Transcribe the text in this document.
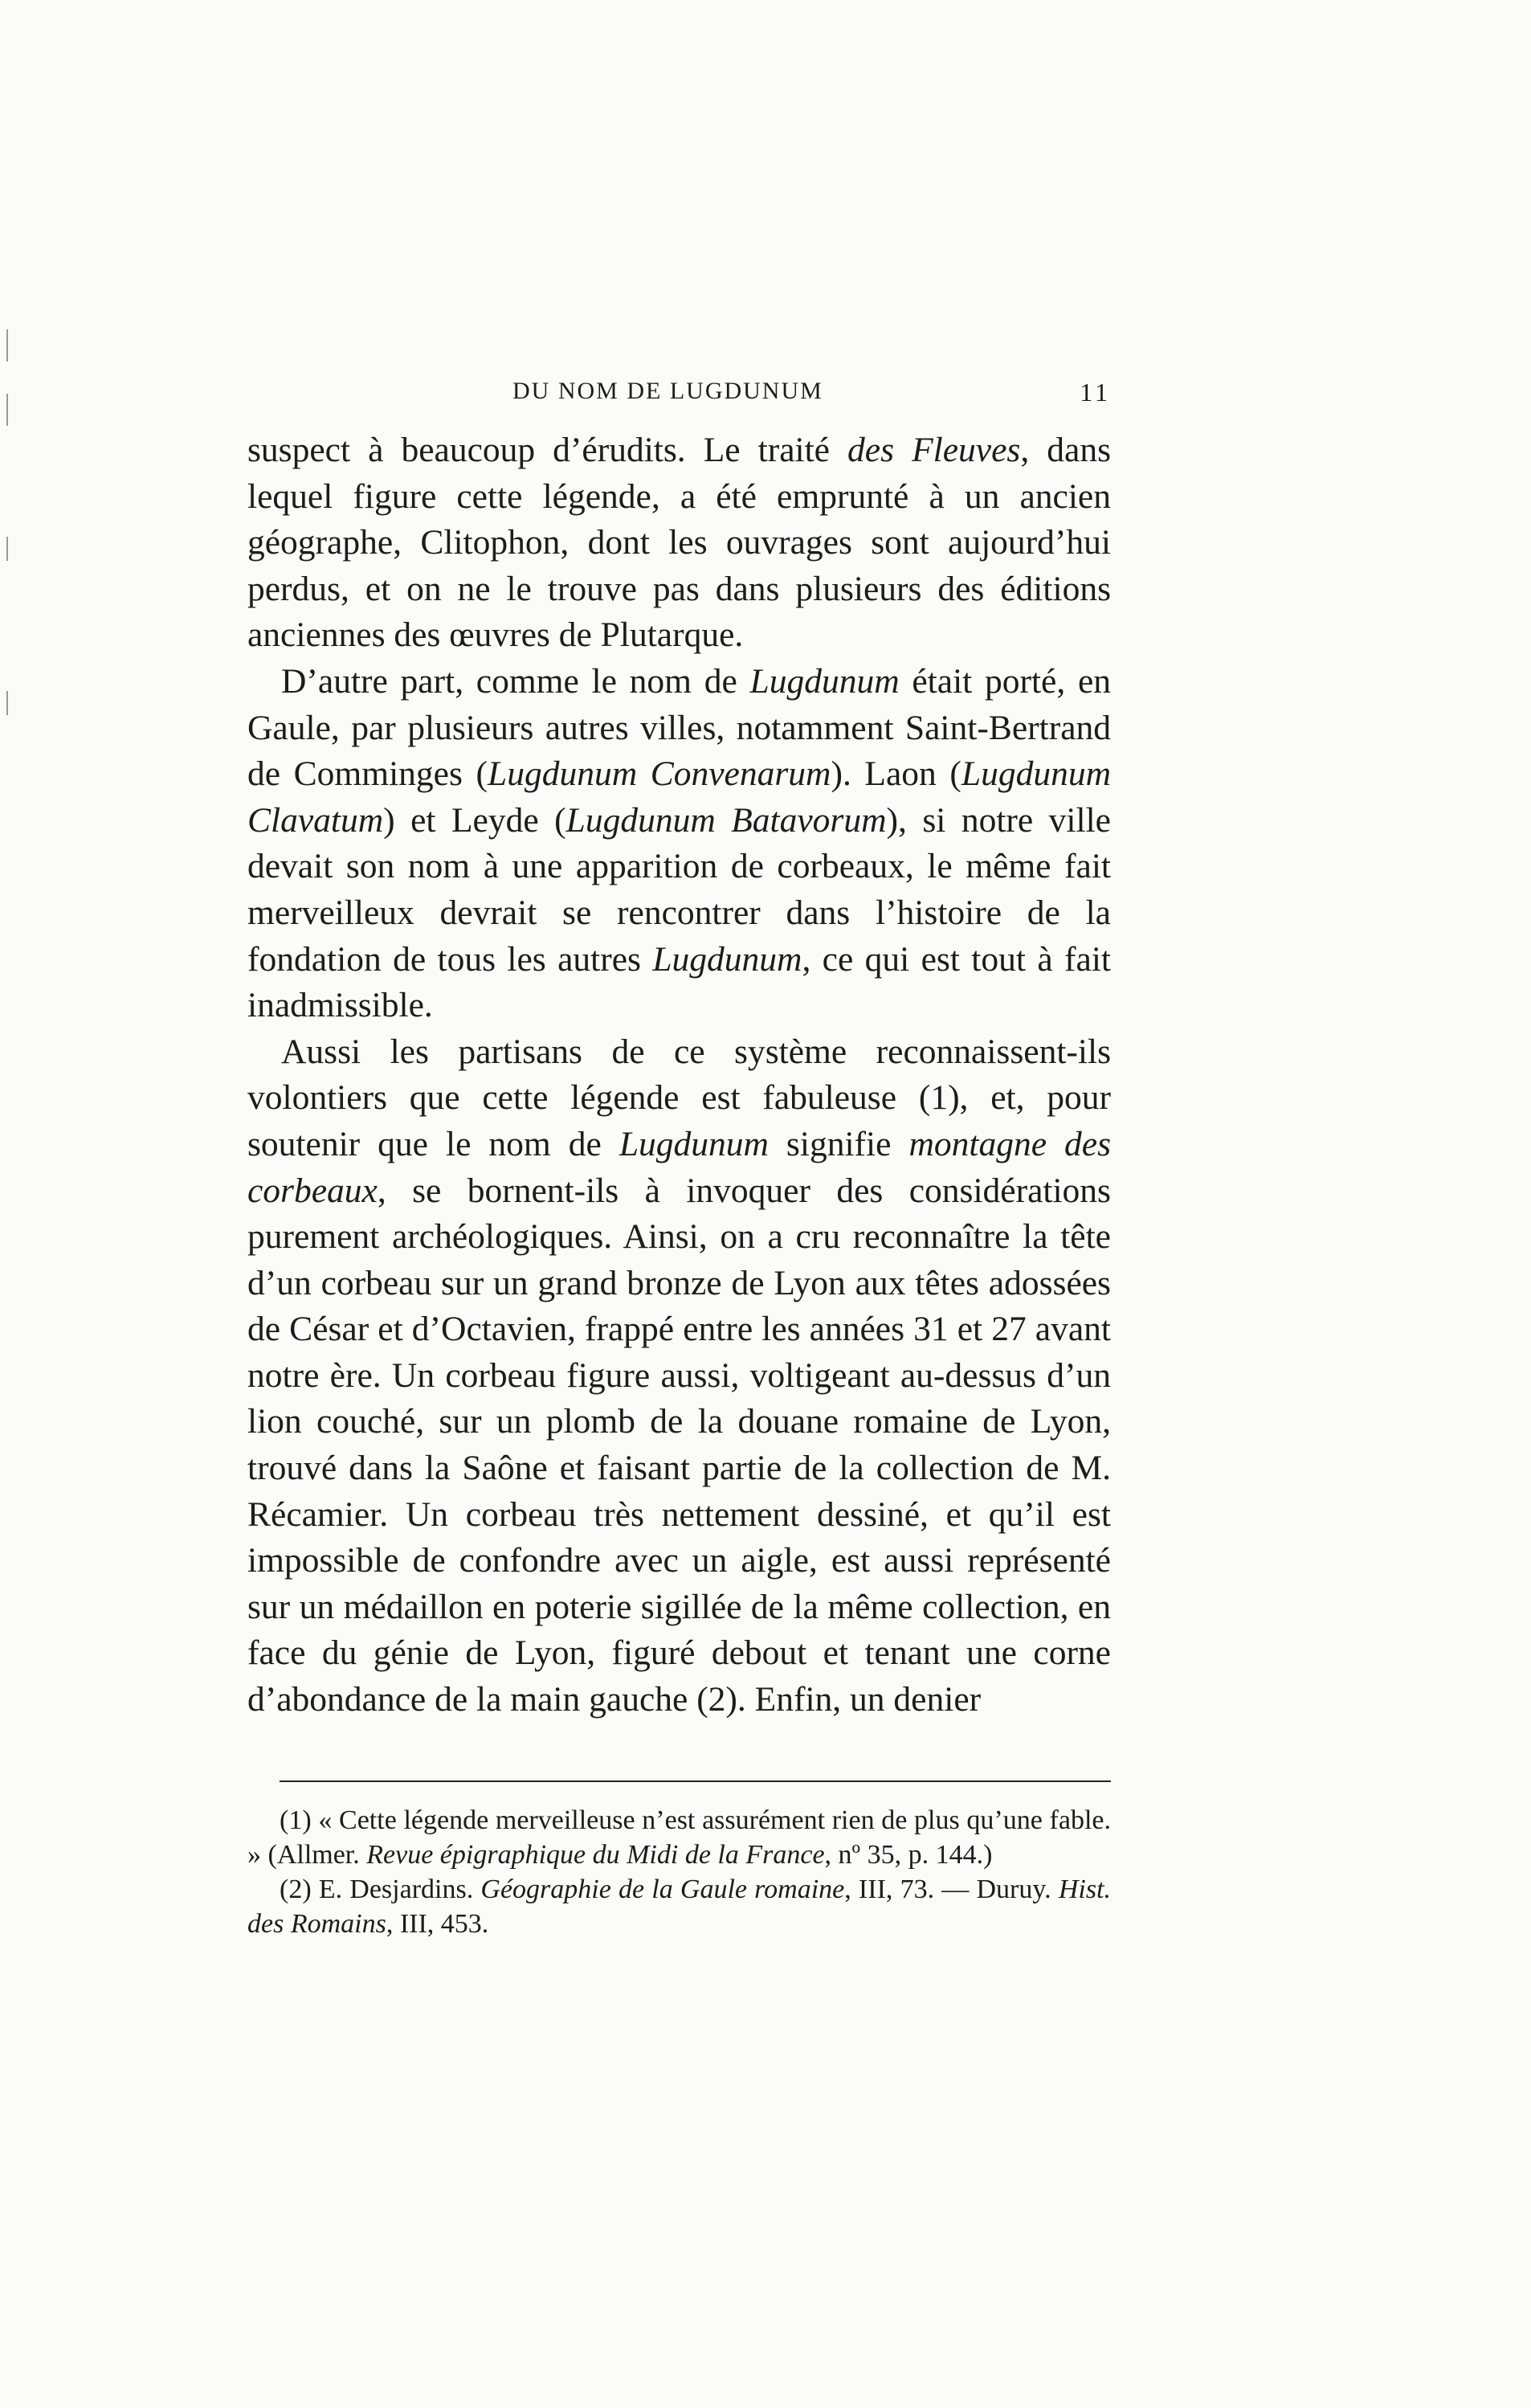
DU NOM DE LUGDUNUM	11

suspect à beaucoup d’érudits. Le traité des Fleuves, dans lequel figure cette légende, a été emprunté à un ancien géographe, Clitophon, dont les ouvrages sont aujourd’hui perdus, et on ne le trouve pas dans plusieurs des éditions anciennes des œuvres de Plutarque.

D’autre part, comme le nom de Lugdunum était porté, en Gaule, par plusieurs autres villes, notamment Saint-Bertrand de Comminges (Lugdunum Convenarum). Laon (Lugdunum Clavatum) et Leyde (Lugdunum Batavorum), si notre ville devait son nom à une apparition de corbeaux, le même fait merveilleux devrait se rencontrer dans l’histoire de la fondation de tous les autres Lugdunum, ce qui est tout à fait inadmissible.

Aussi les partisans de ce système reconnaissent-ils volontiers que cette légende est fabuleuse (1), et, pour soutenir que le nom de Lugdunum signifie montagne des corbeaux, se bornent-ils à invoquer des considérations purement archéologiques. Ainsi, on a cru reconnaître la tête d’un corbeau sur un grand bronze de Lyon aux têtes adossées de César et d’Octavien, frappé entre les années 31 et 27 avant notre ère. Un corbeau figure aussi, voltigeant au-dessus d’un lion couché, sur un plomb de la douane romaine de Lyon, trouvé dans la Saône et faisant partie de la collection de M. Récamier. Un corbeau très nettement dessiné, et qu’il est impossible de confondre avec un aigle, est aussi représenté sur un médaillon en poterie sigillée de la même collection, en face du génie de Lyon, figuré debout et tenant une corne d’abondance de la main gauche (2). Enfin, un denier

(1) « Cette légende merveilleuse n’est assurément rien de plus qu’une fable. » (Allmer. Revue épigraphique du Midi de la France, nº 35, p. 144.)

(2) E. Desjardins. Géographie de la Gaule romaine, III, 73. — Duruy. Hist. des Romains, III, 453.
